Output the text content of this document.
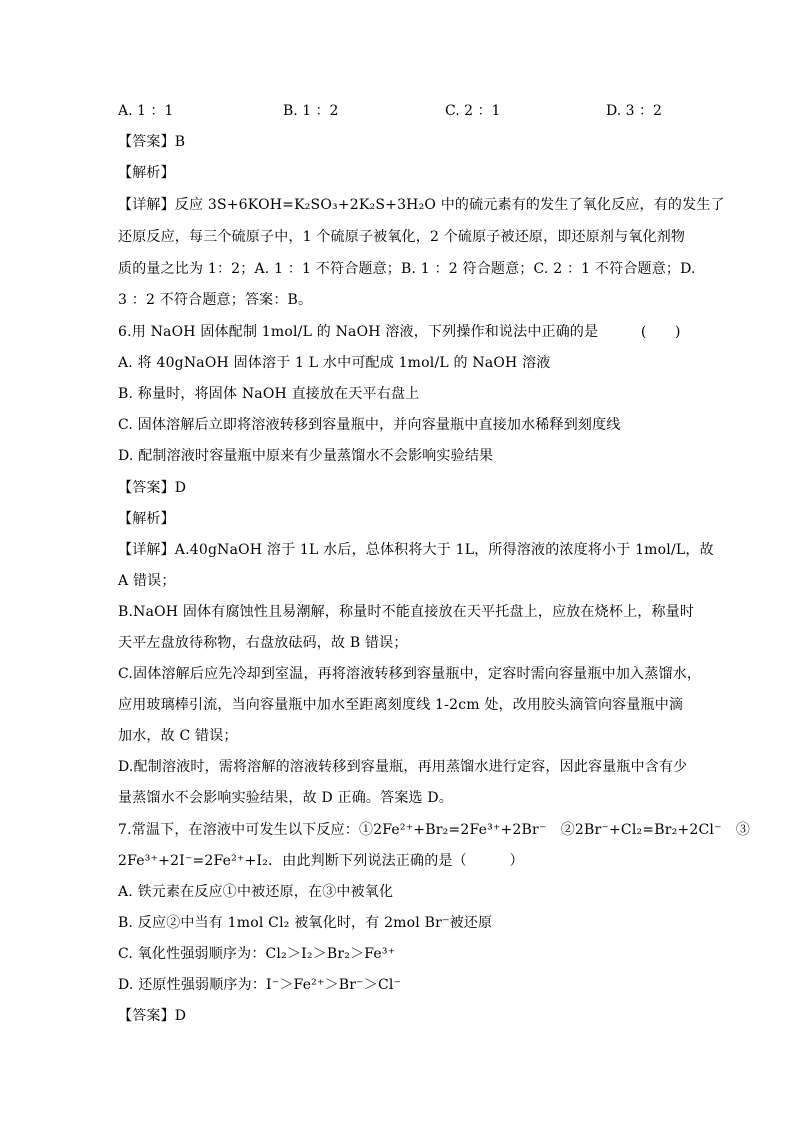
A. 1 ：1	B. 1 ：2	C. 2 ：1	D. 3 ：2
【答案】B
【解析】
【详解】反应 3S+6KOH=K₂SO₃+2K₂S+3H₂O 中的硫元素有的发生了氧化反应，有的发生了
还原反应，每三个硫原子中，1 个硫原子被氧化，2 个硫原子被还原，即还原剂与氧化剂物
质的量之比为 1：2；A. 1 ：1 不符合题意；B. 1 ：2 符合题意；C. 2 ：1 不符合题意；D.
3 ：2 不符合题意；答案：B。
6.用 NaOH 固体配制 1mol/L 的 NaOH 溶液，下列操作和说法中正确的是　　　(　　)
A. 将 40gNaOH 固体溶于 1 L 水中可配成 1mol/L 的 NaOH 溶液
B. 称量时，将固体 NaOH 直接放在天平右盘上
C. 固体溶解后立即将溶液转移到容量瓶中，并向容量瓶中直接加水稀释到刻度线
D. 配制溶液时容量瓶中原来有少量蒸馏水不会影响实验结果
【答案】D
【解析】
【详解】A.40gNaOH 溶于 1L 水后，总体积将大于 1L，所得溶液的浓度将小于 1mol/L，故
A 错误；
B.NaOH 固体有腐蚀性且易潮解，称量时不能直接放在天平托盘上，应放在烧杯上，称量时
天平左盘放待称物，右盘放砝码，故 B 错误；
C.固体溶解后应先冷却到室温，再将溶液转移到容量瓶中，定容时需向容量瓶中加入蒸馏水，
应用玻璃棒引流，当向容量瓶中加水至距离刻度线 1-2cm 处，改用胶头滴管向容量瓶中滴
加水，故 C 错误；
D.配制溶液时，需将溶解的溶液转移到容量瓶，再用蒸馏水进行定容，因此容量瓶中含有少
量蒸馏水不会影响实验结果，故 D 正确。答案选 D。
7.常温下，在溶液中可发生以下反应：①2Fe²⁺+Br₂=2Fe³⁺+2Br⁻　②2Br⁻+Cl₂=Br₂+2Cl⁻　③
2Fe³⁺+2I⁻=2Fe²⁺+I₂．由此判断下列说法正确的是（　　　）
A. 铁元素在反应①中被还原，在③中被氧化
B. 反应②中当有 1mol Cl₂ 被氧化时，有 2mol Br⁻被还原
C. 氧化性强弱顺序为：Cl₂＞I₂＞Br₂＞Fe³⁺
D. 还原性强弱顺序为：I⁻＞Fe²⁺＞Br⁻＞Cl⁻
【答案】D
